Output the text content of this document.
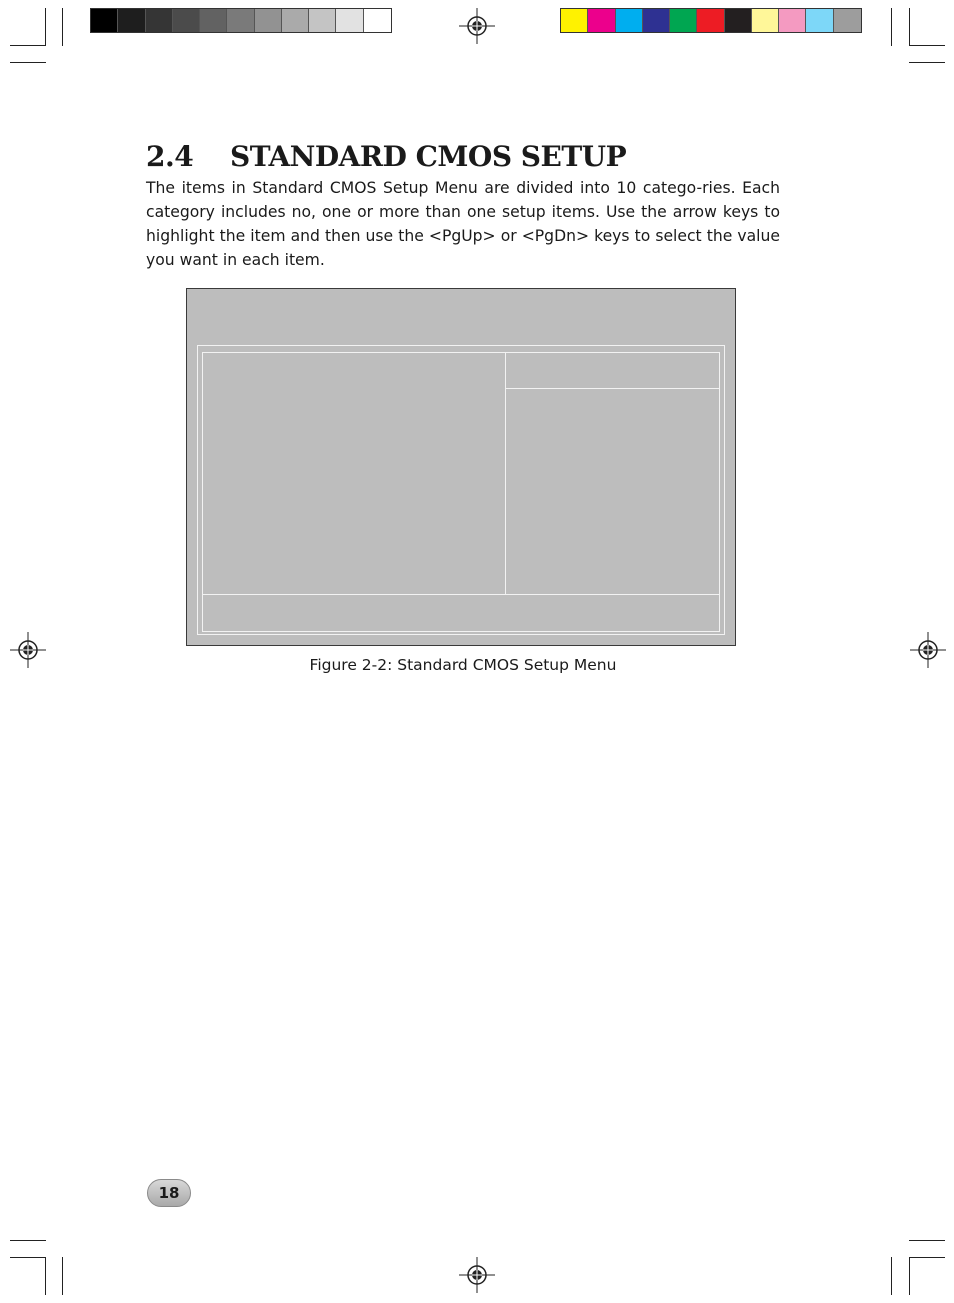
2.4 STANDARD CMOS SETUP

The items in Standard CMOS Setup Menu are divided into 10 catego-ries. Each category includes no, one or more than one setup items. Use the arrow keys to highlight the item and then use the <PgUp> or <PgDn> keys to select the value you want in each item.

Figure 2-2: Standard CMOS Setup Menu
18
